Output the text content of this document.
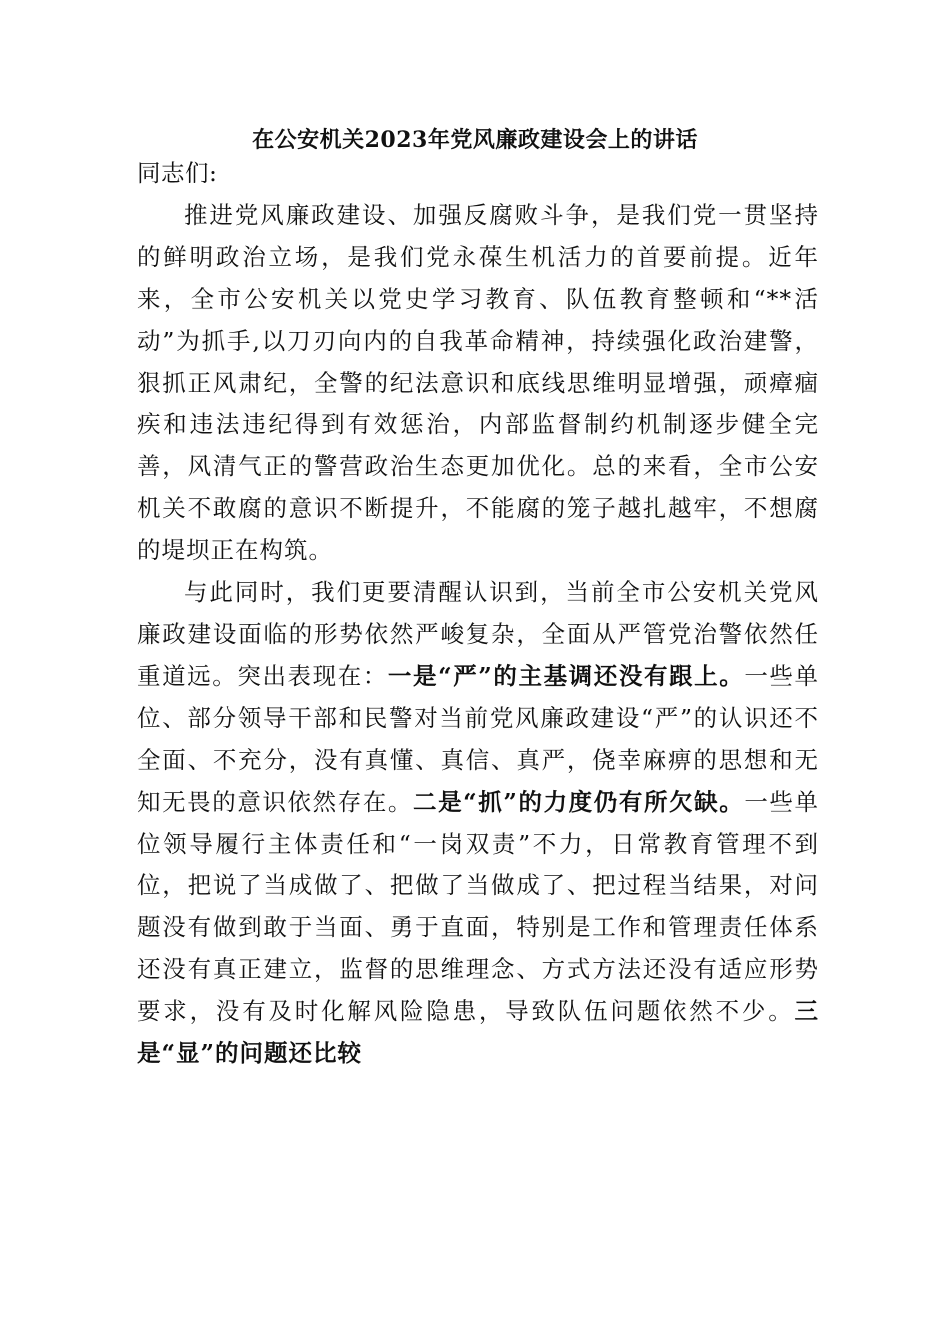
在公安机关2023年党风廉政建设会上的讲话

同志们:

推进党风廉政建设、加强反腐败斗争，是我们党一贯坚持的鲜明政治立场，是我们党永葆生机活力的首要前提。近年来，全市公安机关以党史学习教育、队伍教育整顿和“**活动”为抓手,以刀刃向内的自我革命精神，持续强化政治建警，狠抓正风肃纪，全警的纪法意识和底线思维明显增强，顽瘴痼疾和违法违纪得到有效惩治，内部监督制约机制逐步健全完善，风清气正的警营政治生态更加优化。总的来看，全市公安机关不敢腐的意识不断提升，不能腐的笼子越扎越牢，不想腐的堤坝正在构筑。

与此同时，我们更要清醒认识到，当前全市公安机关党风廉政建设面临的形势依然严峻复杂，全面从严管党治警依然任重道远。突出表现在：一是“严”的主基调还没有跟上。一些单位、部分领导干部和民警对当前党风廉政建设“严”的认识还不全面、不充分，没有真懂、真信、真严，侥幸麻痹的思想和无知无畏的意识依然存在。二是“抓”的力度仍有所欠缺。一些单位领导履行主体责任和“一岗双责”不力，日常教育管理不到位，把说了当成做了、把做了当做成了、把过程当结果，对问题没有做到敢于当面、勇于直面，特别是工作和管理责任体系还没有真正建立，监督的思维理念、方式方法还没有适应形势要求，没有及时化解风险隐患，导致队伍问题依然不少。三是“显”的问题还比较
